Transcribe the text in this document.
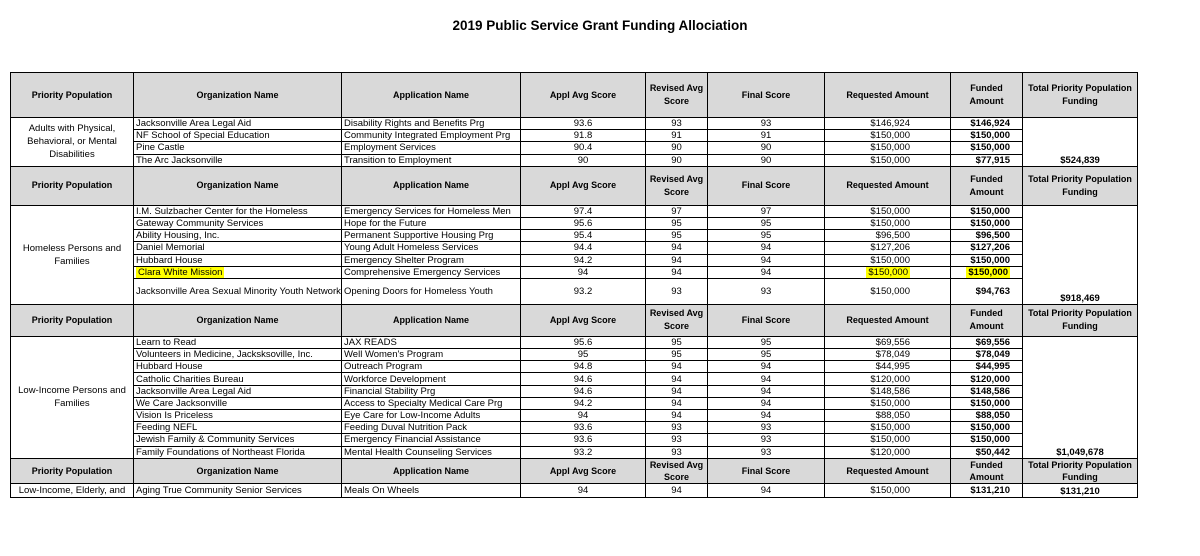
2019 Public Service Grant Funding Allociation
Priority Population	Organization Name	Application Name	Appl Avg Score	Revised Avg Score	Final Score	Requested Amount	Funded Amount	Total Priority Population Funding
Adults with Physical, Behavioral, or Mental Disabilities	Jacksonville Area Legal Aid	Disability Rights and Benefits Prg	93.6	93	93	$146,924	$146,924	$524,839
	NF School of Special Education	Community Integrated Employment Prg	91.8	91	91	$150,000	$150,000	
	Pine Castle	Employment Services	90.4	90	90	$150,000	$150,000	
	The Arc Jacksonville	Transition to Employment	90	90	90	$150,000	$77,915	
Priority Population	Organization Name	Application Name	Appl Avg Score	Revised Avg Score	Final Score	Requested Amount	Funded Amount	Total Priority Population Funding
Homeless Persons and Families	I.M. Sulzbacher Center for the Homeless	Emergency Services for Homeless Men	97.4	97	97	$150,000	$150,000	$918,469
	Gateway Community Services	Hope for the Future	95.6	95	95	$150,000	$150,000	
	Ability Housing, Inc.	Permanent Supportive Housing Prg	95.4	95	95	$96,500	$96,500	
	Daniel Memorial	Young Adult Homeless Services	94.4	94	94	$127,206	$127,206	
	Hubbard House	Emergency Shelter Program	94.2	94	94	$150,000	$150,000	
	Clara White Mission	Comprehensive Emergency Services	94	94	94	$150,000	$150,000	
	Jacksonville Area Sexual Minority Youth Network	Opening Doors for Homeless Youth	93.2	93	93	$150,000	$94,763	
Priority Population	Organization Name	Application Name	Appl Avg Score	Revised Avg Score	Final Score	Requested Amount	Funded Amount	Total Priority Population Funding
Low-Income Persons and Families	Learn to Read	JAX READS	95.6	95	95	$69,556	$69,556	$1,049,678
	Volunteers in Medicine, Jacksksoville, Inc.	Well Women's Program	95	95	95	$78,049	$78,049	
	Hubbard House	Outreach Program	94.8	94	94	$44,995	$44,995	
	Catholic Charities Bureau	Workforce Development	94.6	94	94	$120,000	$120,000	
	Jacksonville Area Legal Aid	Financial Stability Prg	94.6	94	94	$148,586	$148,586	
	We Care Jacksonville	Access to Specialty Medical Care Prg	94.2	94	94	$150,000	$150,000	
	Vision Is Priceless	Eye Care for Low-Income Adults	94	94	94	$88,050	$88,050	
	Feeding NEFL	Feeding Duval Nutrition Pack	93.6	93	93	$150,000	$150,000	
	Jewish Family & Community Services	Emergency Financial Assistance	93.6	93	93	$150,000	$150,000	
	Family Foundations of Northeast Florida	Mental Health Counseling Services	93.2	93	93	$120,000	$50,442	
Priority Population	Organization Name	Application Name	Appl Avg Score	Revised Avg Score	Final Score	Requested Amount	Funded Amount	Total Priority Population Funding
Low-Income, Elderly, and	Aging True Community Senior Services	Meals On Wheels	94	94	94	$150,000	$131,210	$131,210
